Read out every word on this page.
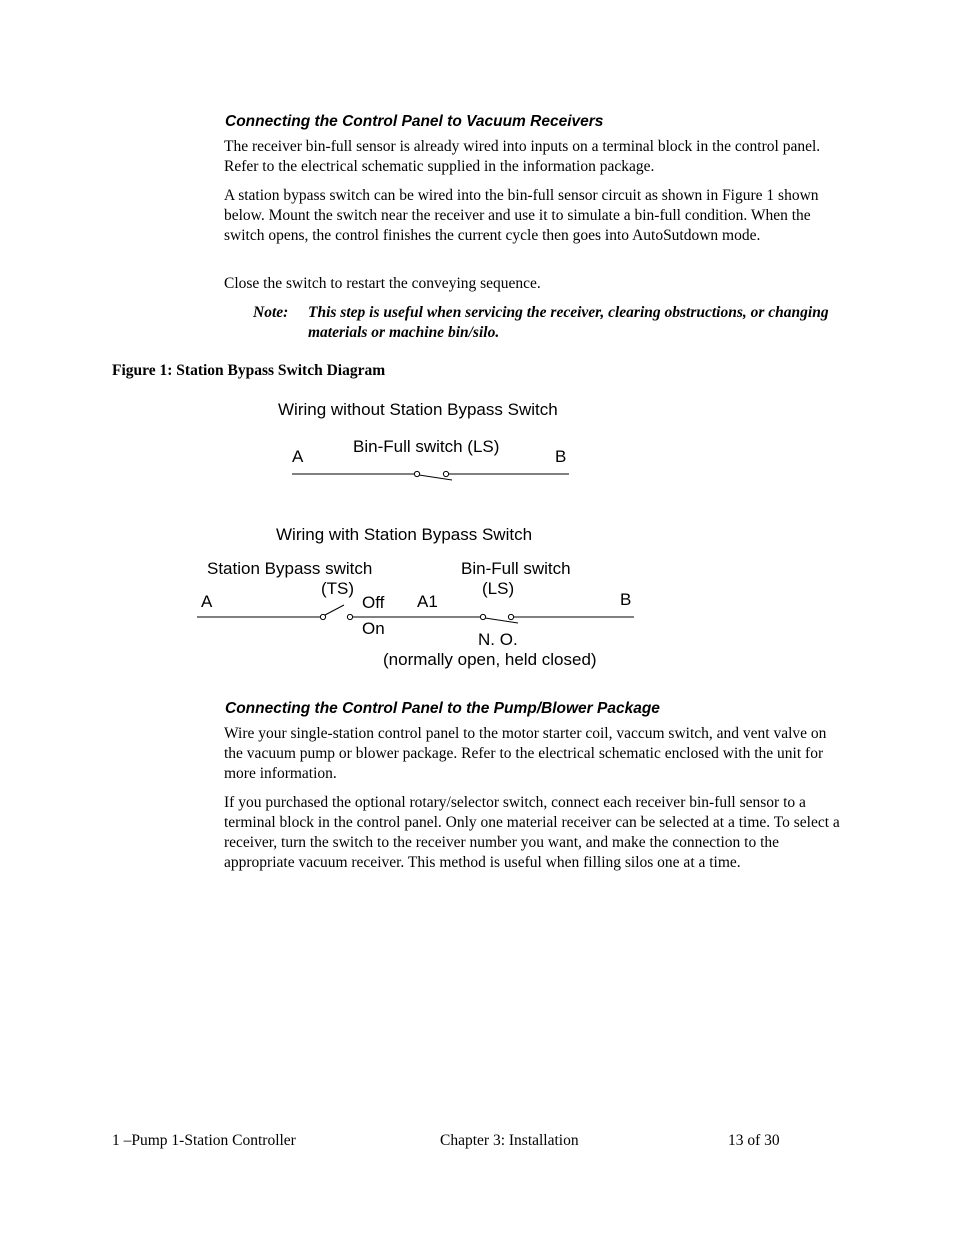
Connecting the Control Panel to Vacuum Receivers

The receiver bin-full sensor is already wired into inputs on a terminal block in the control panel. Refer to the electrical schematic supplied in the information package.

A station bypass switch can be wired into the bin-full sensor circuit as shown in Figure 1 shown below. Mount the switch near the receiver and use it to simulate a bin-full condition. When the switch opens, the control finishes the current cycle then goes into AutoSutdown mode.

Close the switch to restart the conveying sequence.

Note: This step is useful when servicing the receiver, clearing obstructions, or changing materials or machine bin/silo.
Figure 1: Station Bypass Switch Diagram
Wiring without Station Bypass Switch
Bin-Full switch (LS)
A	B
Wiring with Station Bypass Switch
Station Bypass switch
(TS)
Bin-Full switch
(LS)
A	Off A1	B
On
N. O.
(normally open, held closed)

Connecting the Control Panel to the Pump/Blower Package

Wire your single-station control panel to the motor starter coil, vaccum switch, and vent valve on the vacuum pump or blower package. Refer to the electrical schematic enclosed with the unit for more information.

If you purchased the optional rotary/selector switch, connect each receiver bin-full sensor to a terminal block in the control panel. Only one material receiver can be selected at a time. To select a receiver, turn the switch to the receiver number you want, and make the connection to the appropriate vacuum receiver. This method is useful when filling silos one at a time.

1 –Pump 1-Station Controller	Chapter 3: Installation	13 of 30
